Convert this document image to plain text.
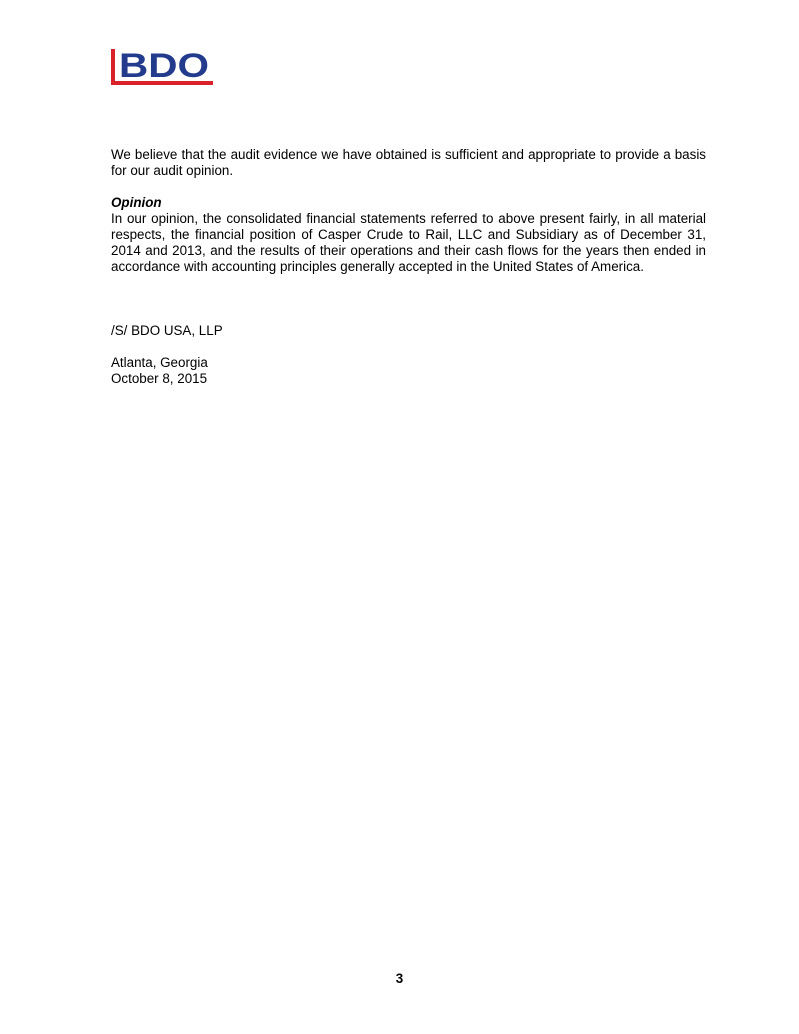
BDO

We believe that the audit evidence we have obtained is sufficient and appropriate to provide a basis for our audit opinion.

Opinion

In our opinion, the consolidated financial statements referred to above present fairly, in all material respects, the financial position of Casper Crude to Rail, LLC and Subsidiary as of December 31, 2014 and 2013, and the results of their operations and their cash flows for the years then ended in accordance with accounting principles generally accepted in the United States of America.

/S/ BDO USA, LLP

Atlanta, Georgia

October 8, 2015

3
